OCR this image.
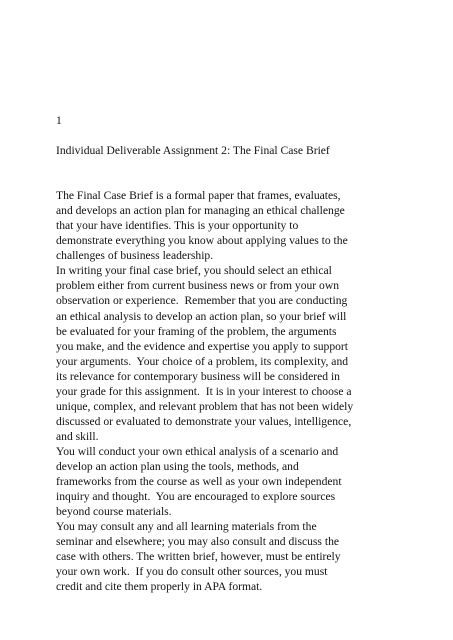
1
Individual Deliverable Assignment 2: The Final Case Brief
The Final Case Brief is a formal paper that frames, evaluates,
and develops an action plan for managing an ethical challenge
that your have identifies. This is your opportunity to
demonstrate everything you know about applying values to the
challenges of business leadership.
In writing your final case brief, you should select an ethical
problem either from current business news or from your own
observation or experience.  Remember that you are conducting
an ethical analysis to develop an action plan, so your brief will
be evaluated for your framing of the problem, the arguments
you make, and the evidence and expertise you apply to support
your arguments.  Your choice of a problem, its complexity, and
its relevance for contemporary business will be considered in
your grade for this assignment.  It is in your interest to choose a
unique, complex, and relevant problem that has not been widely
discussed or evaluated to demonstrate your values, intelligence,
and skill.
You will conduct your own ethical analysis of a scenario and
develop an action plan using the tools, methods, and
frameworks from the course as well as your own independent
inquiry and thought.  You are encouraged to explore sources
beyond course materials.
You may consult any and all learning materials from the
seminar and elsewhere; you may also consult and discuss the
case with others. The written brief, however, must be entirely
your own work.  If you do consult other sources, you must
credit and cite them properly in APA format.
